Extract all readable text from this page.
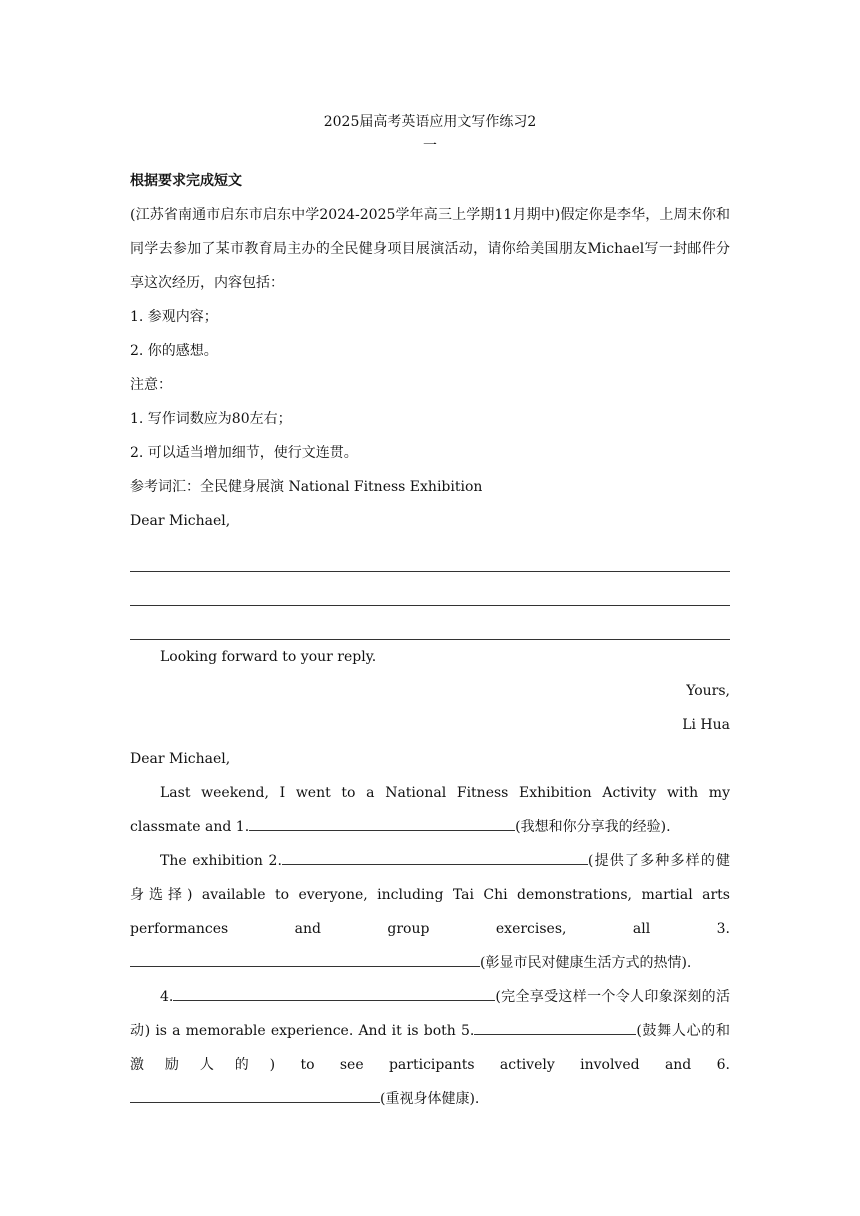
2025届高考英语应用文写作练习2
一
根据要求完成短文

(江苏省南通市启东市启东中学2024-2025学年高三上学期11月期中)假定你是李华，上周末你和同学去参加了某市教育局主办的全民健身项目展演活动，请你给美国朋友Michael写一封邮件分享这次经历，内容包括：

1. 参观内容；

2. 你的感想。

注意：

1. 写作词数应为80左右；

2. 可以适当增加细节，使行文连贯。

参考词汇：全民健身展演 National Fitness Exhibition

Dear Michael,

Looking forward to your reply.

Yours,

Li Hua

Dear Michael,

Last weekend, I went to a National Fitness Exhibition Activity with my classmate and 1.	(我想和你分享我的经验).

The exhibition 2.	(提供了多种多样的健身选择) available to everyone, including Tai Chi demonstrations, martial arts performances and group exercises, all 3.(彰显市民对健康生活方式的热情).

4.	(完全享受这样一个令人印象深刻的活动) is a memorable experience. And it is both 5.	(鼓舞人心的和激励人的) to see participants actively involved and 6.(重视身体健康).
